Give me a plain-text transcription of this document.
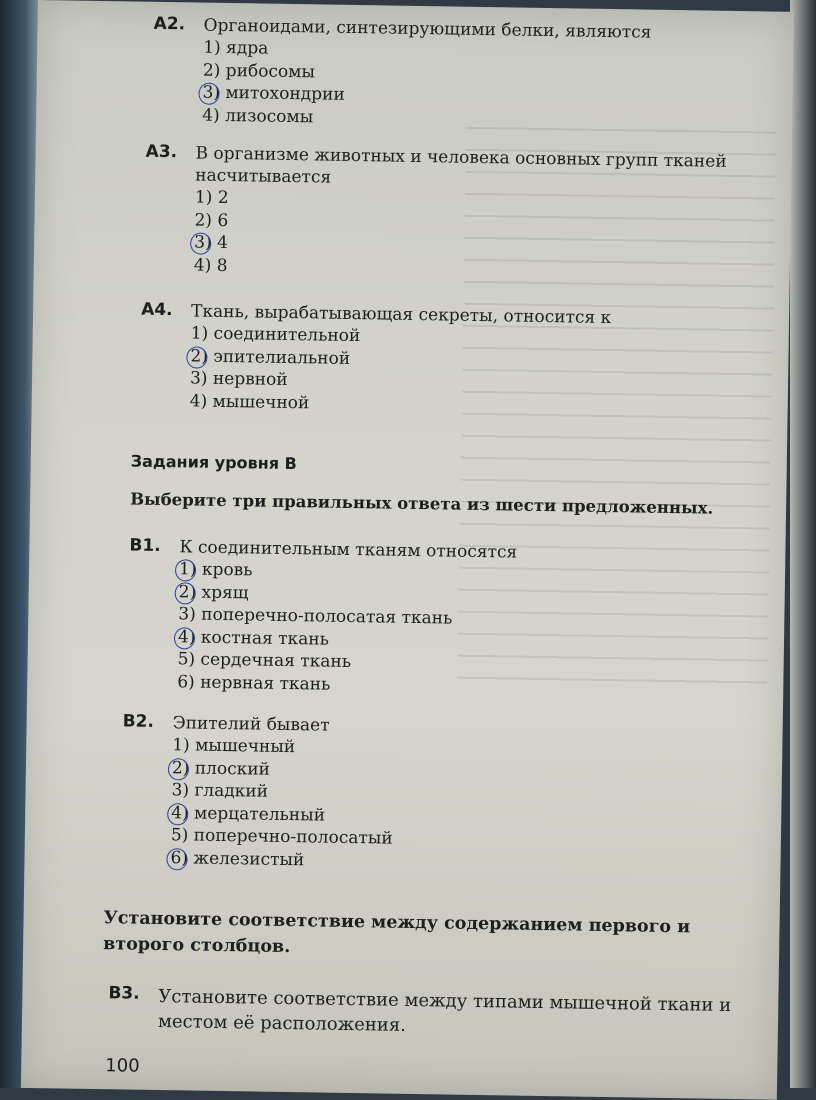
А2. Органоидами, синтезирующими белки, являются
1) ядра
2) рибосомы
3) митохондрии
4) лизосомы
А3. В организме животных и человека основных групп тканей насчитывается
1) 2
2) 6
3) 4
4) 8
А4. Ткань, вырабатывающая секреты, относится к
1) соединительной
2) эпителиальной
3) нервной
4) мышечной
Задания уровня В
Выберите три правильных ответа из шести предложенных.
В1. К соединительным тканям относятся
1) кровь
2) хрящ
3) поперечно-полосатая ткань
4) костная ткань
5) сердечная ткань
6) нервная ткань
В2. Эпителий бывает
1) мышечный
2) плоский
3) гладкий
4) мерцательный
5) поперечно-полосатый
6) железистый
Установите соответствие между содержанием первого и второго столбцов.
В3. Установите соответствие между типами мышечной ткани и местом её расположения.
100
